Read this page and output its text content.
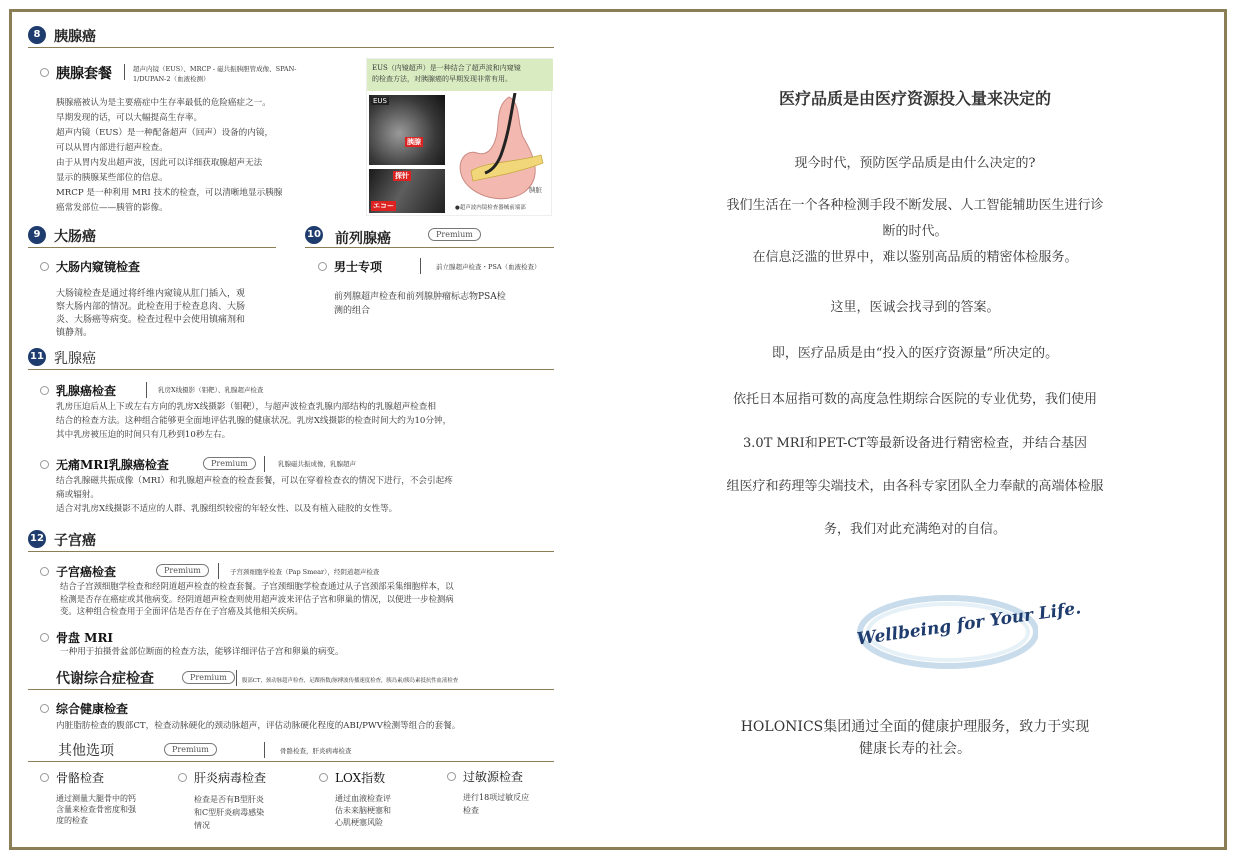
8 胰腺癌
胰腺套餐	超声内镜（EUS）、MRCP - 磁共振胰胆管成像、SPAN-
1/DUPAN-2（血液检测）
胰腺癌被认为是主要癌症中生存率最低的危险癌症之一。
早期发现的话，可以大幅提高生存率。
超声内镜（EUS）是一种配备超声（回声）设备的内镜，
可以从胃内部进行超声检查。
由于从胃内发出超声波，因此可以详细获取腺超声无法
显示的胰腺某些部位的信息。
MRCP 是一种利用 MRI 技术的检查，可以清晰地显示胰腺
癌常发部位——胰管的影像。
EUS（内镜超声）是一种结合了超声波和内窥镜
的检查方法，对胰腺癌的早期发现非常有用。
EUS
胰腺
探针
エコー
胰脏
●超声波内镜检查器械前端部
9 大肠癌
大肠内窥镜检查
大肠镜检查是通过将纤维内窥镜从肛门插入，观
察大肠内部的情况。此检查用于检查息肉、大肠
炎、大肠癌等病变。检查过程中会使用镇痛剂和
镇静剂。
10 前列腺癌	Premium
男士专项	前立腺超声检查・PSA（血液检查）
前列腺超声检查和前列腺肿瘤标志物PSA检
测的组合
11 乳腺癌
乳腺癌检查	乳房X线摄影（钼靶）、乳腺超声检查
乳房压迫后从上下或左右方向的乳房X线摄影（钼靶），与超声波检查乳腺内部结构的乳腺超声检查相
结合的检查方法。这种组合能够更全面地评估乳腺的健康状况。乳房X线摄影的检查时间大约为10分钟，
其中乳房被压迫的时间只有几秒到10秒左右。
无痛MRI乳腺癌检查	Premium	乳腺磁共振成像，乳腺超声
结合乳腺磁共振成像（MRI）和乳腺超声检查的检查套餐，可以在穿着检查衣的情况下进行，不会引起疼
痛或辐射。
适合对乳房X线摄影不适应的人群、乳腺组织较密的年轻女性、以及有植入硅胶的女性等。
12 子宫癌
子宫癌检查	Premium	子宫颈细胞学检查（Pap Smear），经阴道超声检查
结合子宫颈细胞学检查和经阴道超声检查的检查套餐。子宫颈细胞学检查通过从子宫颈部采集细胞样本，以
检测是否存在癌症或其他病变。经阴道超声检查则使用超声波来评估子宫和卵巢的情况，以便进一步检测病
变。这种组合检查用于全面评估是否存在子宫癌及其他相关疾病。
骨盘 MRI
一种用于拍摄骨盆部位断面的检查方法，能够详细评估子宫和卵巢的病变。
代谢综合症检查	Premium	腹部CT，颈动脉超声检查，足踝指数/脉搏波传播速度检查，胰岛素/胰岛素抵抗性血液检查
综合健康检查
内脏脂肪检查的腹部CT，检查动脉硬化的颈动脉超声，评估动脉硬化程度的ABI/PWV检测等组合的套餐。
其他选项	Premium	骨骼检查，肝炎病毒检查
骨骼检查
通过测量大腿骨中的钙
含量来检查骨密度和强
度的检查
肝炎病毒检查
检查是否有B型肝炎
和C型肝炎病毒感染
情况
LOX指数
通过血液检查评
估未来脑梗塞和
心肌梗塞风险
过敏源检查
进行18项过敏反应
检查
医疗品质是由医疗资源投入量来决定的
现今时代，预防医学品质是由什么决定的?
我们生活在一个各种检测手段不断发展、人工智能辅助医生进行诊
断的时代。
在信息泛滥的世界中，难以鉴别高品质的精密体检服务。
这里，医诚会找寻到的答案。
即，医疗品质是由“投入的医疗资源量”所决定的。
依托日本屈指可数的高度急性期综合医院的专业优势，我们使用
3.0T MRI和PET-CT等最新设备进行精密检查，并结合基因
组医疗和药理等尖端技术，由各科专家团队全力奉献的高端体检服
务，我们对此充满绝对的自信。
Wellbeing for Your Life.
HOLONICS集团通过全面的健康护理服务，致力于实现
健康长寿的社会。
